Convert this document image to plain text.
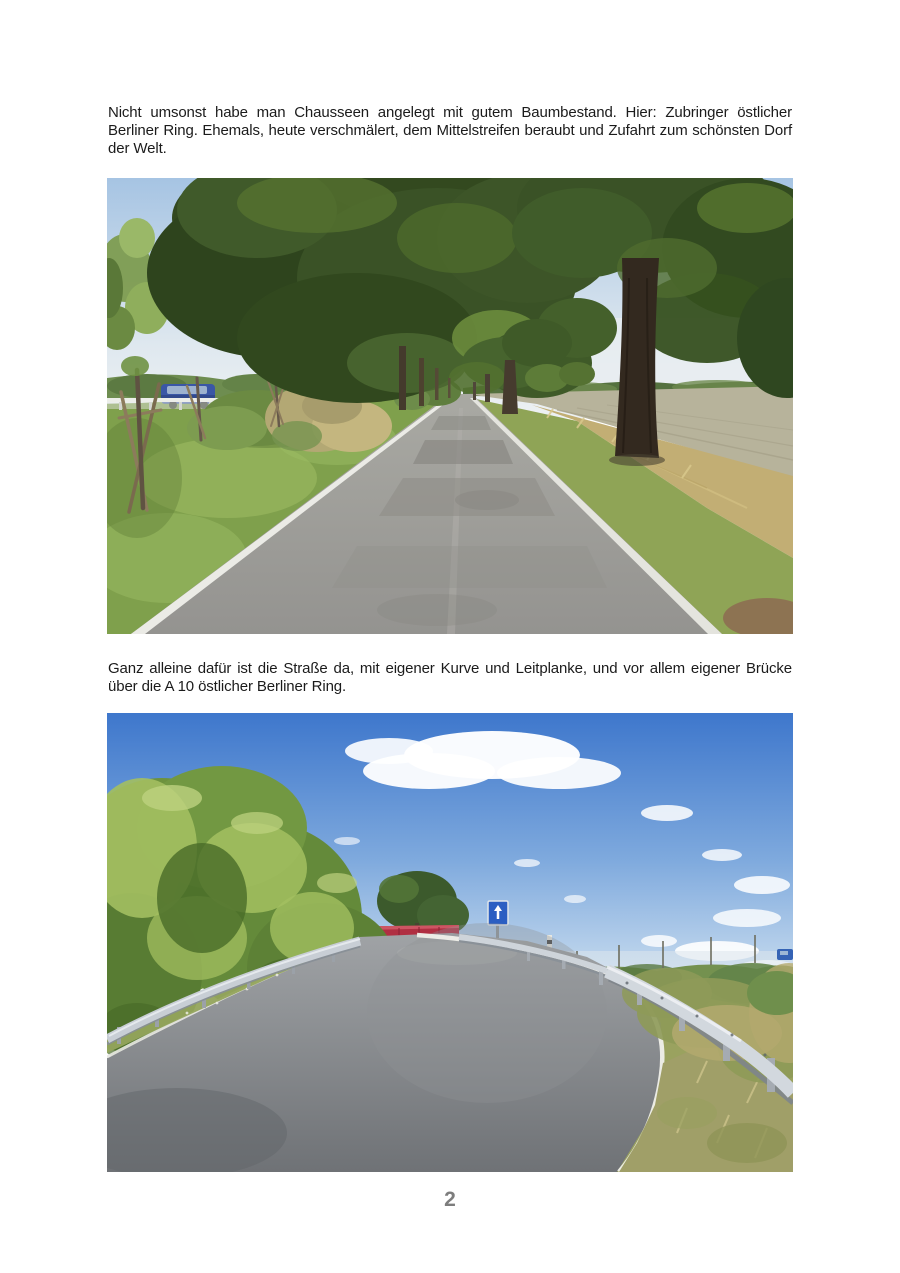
Nicht umsonst habe man Chausseen angelegt mit gutem Baumbestand. Hier: Zubringer östlicher Berliner Ring. Ehemals, heute verschmälert, dem Mittelstreifen beraubt und Zufahrt zum schönsten Dorf der Welt.

Ganz alleine dafür ist die Straße da, mit eigener Kurve und Leitplanke, und vor allem eigener Brücke über die A 10 östlicher Berliner Ring.

2
